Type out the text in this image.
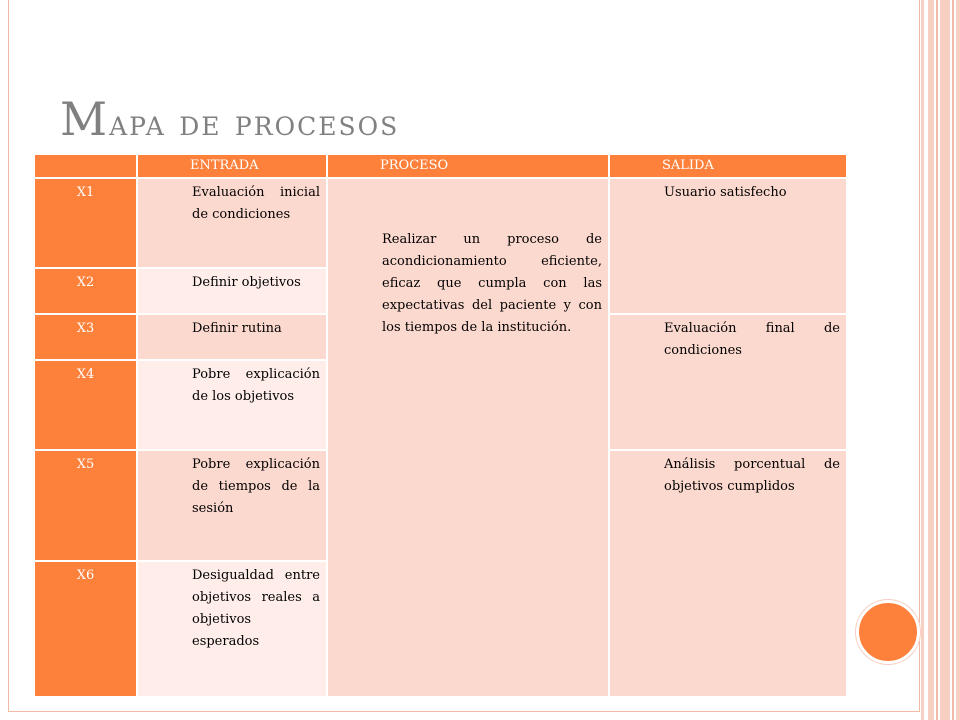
Mapa de procesos
ENTRADA	PROCESO	SALIDA
X1
X2
X3
X4
X5
X6
Evaluación inicial de condiciones
Definir objetivos
Definir rutina
Pobre explicación de los objetivos
Pobre explicación de tiempos de la sesión
Desigualdad entre objetivos reales a objetivos esperados
Realizar un proceso de acondicionamiento eficiente, eficaz que cumpla con las expectativas del paciente y con los tiempos de la institución.
Usuario satisfecho
Evaluación final de condiciones
Análisis porcentual de objetivos cumplidos
